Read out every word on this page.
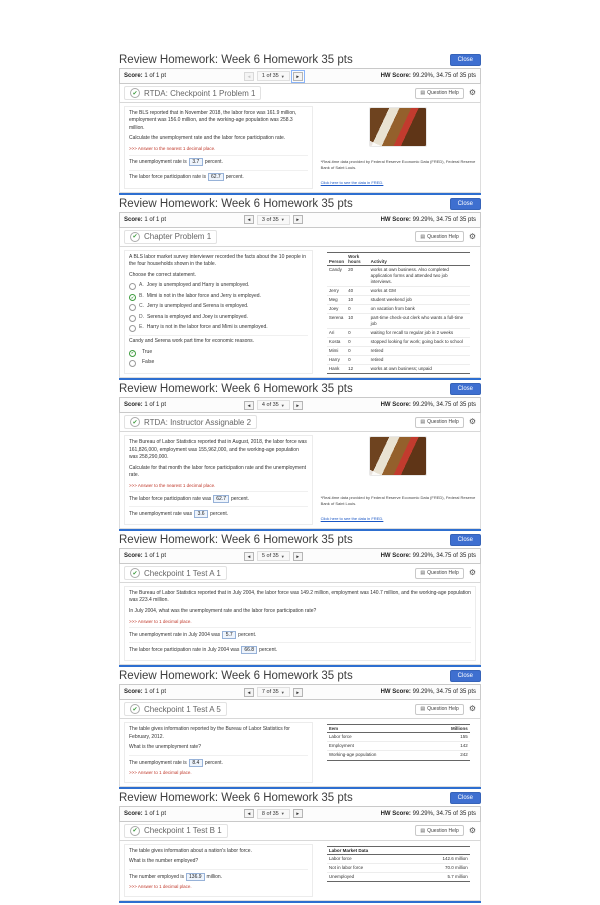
Review Homework: Week 6 Homework 35 pts	Close
Score: 1 of 1 pt	◄	1 of 35 ▼	►	HW Score: 99.29%, 34.75 of 35 pts
✔ RTDA: Checkpoint 1 Problem 1	▤ Question Help ⚙

The BLS reported that in November 2018, the labor force was 161.9 million, employment was 156.0 million, and the working-age population was 258.3 million.

Calculate the unemployment rate and the labor force participation rate.

>>> Answer to the nearest 1 decimal place.

The unemployment rate is	3.7	percent.
The labor force participation rate is	62.7	percent.

*Real-time data provided by Federal Reserve Economic Data (FRED), Federal Reserve Bank of Saint Louis.

Click here to see the data in FRED.
Review Homework: Week 6 Homework 35 pts	Close
Score: 1 of 1 pt	◄	3 of 35 ▼	►	HW Score: 99.29%, 34.75 of 35 pts
✔ Chapter Problem 1	▤ Question Help ⚙

A BLS labor market survey interviewer recorded the facts about the 10 people in the four households shown in the table.

Choose the correct statement.

A. Joey is unemployed and Harry is unemployed.
✔ B. Mimi is not in the labor force and Jerry is employed.
C. Jerry is unemployed and Serena is employed.
D. Serena is employed and Joey is unemployed.
E. Harry is not in the labor force and Mimi is unemployed.

Candy and Serena work part time for economic reasons.

✔	True
False
Person	Work hours	Activity
Candy	20	works at own business. Also completed application forms and attended two job interviews.
Jerry	40	works at GM
Meg	10	student weekend job
Joey	0	on vacation from bank
Serena	10	part-time check-out clerk who wants a full-time job
Ari	0	waiting for recall to regular job in 2 weeks
Kosta	0	stopped looking for work; going back to school
Mimi	0	retired
Harry	0	retired
Hank	12	works at own business; unpaid
Review Homework: Week 6 Homework 35 pts	Close
Score: 1 of 1 pt	◄	4 of 35 ▼	►	HW Score: 99.29%, 34.75 of 35 pts
✔ RTDA: Instructor Assignable 2	▤ Question Help ⚙

The Bureau of Labor Statistics reported that in August, 2018, the labor force was 161,826,000, employment was 155,962,000, and the working-age population was 258,290,000.

Calculate for that month the labor force participation rate and the unemployment rate.

>>> Answer to the nearest 1 decimal place.

The labor force participation rate was	62.7	percent.
The unemployment rate was	3.6	percent.

*Real-time data provided by Federal Reserve Economic Data (FRED), Federal Reserve Bank of Saint Louis.

Click here to see the data in FRED.
Review Homework: Week 6 Homework 35 pts	Close
Score: 1 of 1 pt	◄	5 of 35 ▼	►	HW Score: 99.29%, 34.75 of 35 pts
✔ Checkpoint 1 Test A 1	▤ Question Help ⚙

The Bureau of Labor Statistics reported that in July 2004, the labor force was 149.2 million, employment was 140.7 million, and the working-age population was 223.4 million.

In July 2004, what was the unemployment rate and the labor force participation rate?

>>> Answer to 1 decimal place.

The unemployment rate in July 2004 was	5.7	percent.
The labor force participation rate in July 2004 was	66.8	percent.
Review Homework: Week 6 Homework 35 pts	Close
Score: 1 of 1 pt	◄	7 of 35 ▼	►	HW Score: 99.29%, 34.75 of 35 pts
✔ Checkpoint 1 Test A 5	▤ Question Help ⚙

The table gives information reported by the Bureau of Labor Statistics for February, 2012.

What is the unemployment rate?

The unemployment rate is	8.4	percent.

>>> Answer to 1 decimal place.

Item	Millions
Labor force	155
Employment	142
Working-age population	242
Review Homework: Week 6 Homework 35 pts	Close
Score: 1 of 1 pt	◄	8 of 35 ▼	►	HW Score: 99.29%, 34.75 of 35 pts
✔ Checkpoint 1 Test B 1	▤ Question Help ⚙

The table gives information about a nation's labor force.

What is the number employed?

The number employed is	136.9	million.

>>> Answer to 1 decimal place.

Labor Market Data
Labor force	142.6 million
Not in labor force	70.0 million
Unemployed	5.7 million
